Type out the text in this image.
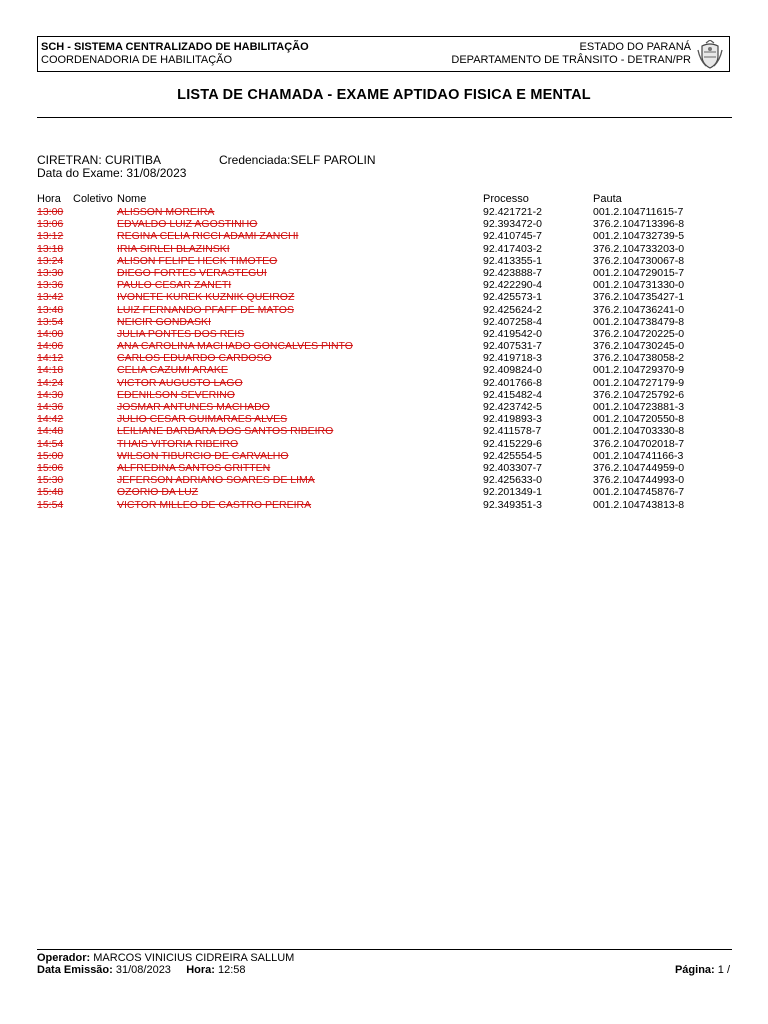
SCH - SISTEMA CENTRALIZADO DE HABILITAÇÃO
COORDENADORIA DE HABILITAÇÃO
ESTADO DO PARANÁ
DEPARTAMENTO DE TRÂNSITO - DETRAN/PR
LISTA DE CHAMADA - EXAME APTIDAO FISICA E MENTAL
CIRETRAN: CURITIBA	Credenciada:SELF PAROLIN
Data do Exame: 31/08/2023
Hora Coletivo Nome	Processo	Pauta
13:00	ALISSON MOREIRA	92.421721-2	001.2.104711615-7
13:06	EDVALDO LUIZ AGOSTINHO	92.393472-0	376.2.104713396-8
13:12	REGINA CELIA RICCI ADAMI ZANCHI	92.410745-7	001.2.104732739-5
13:18	IRIA SIRLEI BLAZINSKI	92.417403-2	376.2.104733203-0
13:24	ALISON FELIPE HECK TIMOTEO	92.413355-1	376.2.104730067-8
13:30	DIEGO FORTES VERASTEGUI	92.423888-7	001.2.104729015-7
13:36	PAULO CESAR ZANETI	92.422290-4	001.2.104731330-0
13:42	IVONETE KUREK KUZNIK QUEIROZ	92.425573-1	376.2.104735427-1
13:48	LUIZ FERNANDO PFAFF DE MATOS	92.425624-2	376.2.104736241-0
13:54	NEICIR GONDASKI	92.407258-4	001.2.104738479-8
14:00	JULIA PONTES DOS REIS	92.419542-0	376.2.104720225-0
14:06	ANA CAROLINA MACHADO GONCALVES PINTO	92.407531-7	376.2.104730245-0
14:12	CARLOS EDUARDO CARDOSO	92.419718-3	376.2.104738058-2
14:18	CELIA CAZUMI ARAKE	92.409824-0	001.2.104729370-9
14:24	VICTOR AUGUSTO LAGO	92.401766-8	001.2.104727179-9
14:30	EDENILSON SEVERINO	92.415482-4	376.2.104725792-6
14:36	JOSMAR ANTUNES MACHADO	92.423742-5	001.2.104723881-3
14:42	JULIO CESAR GUIMARAES ALVES	92.419893-3	001.2.104720550-8
14:48	LEILIANE BARBARA DOS SANTOS RIBEIRO	92.411578-7	001.2.104703330-8
14:54	THAIS VITORIA RIBEIRO	92.415229-6	376.2.104702018-7
15:00	WILSON TIBURCIO DE CARVALHO	92.425554-5	001.2.104741166-3
15:06	ALFREDINA SANTOS GRITTEN	92.403307-7	376.2.104744959-0
15:30	JEFERSON ADRIANO SOARES DE LIMA	92.425633-0	376.2.104744993-0
15:48	OZORIO DA LUZ	92.201349-1	001.2.104745876-7
15:54	VICTOR MILLEO DE CASTRO PEREIRA	92.349351-3	001.2.104743813-8
Operador: MARCOS VINICIUS CIDREIRA SALLUM
Data Emissão: 31/08/2023 Hora: 12:58	Página: 1 /
